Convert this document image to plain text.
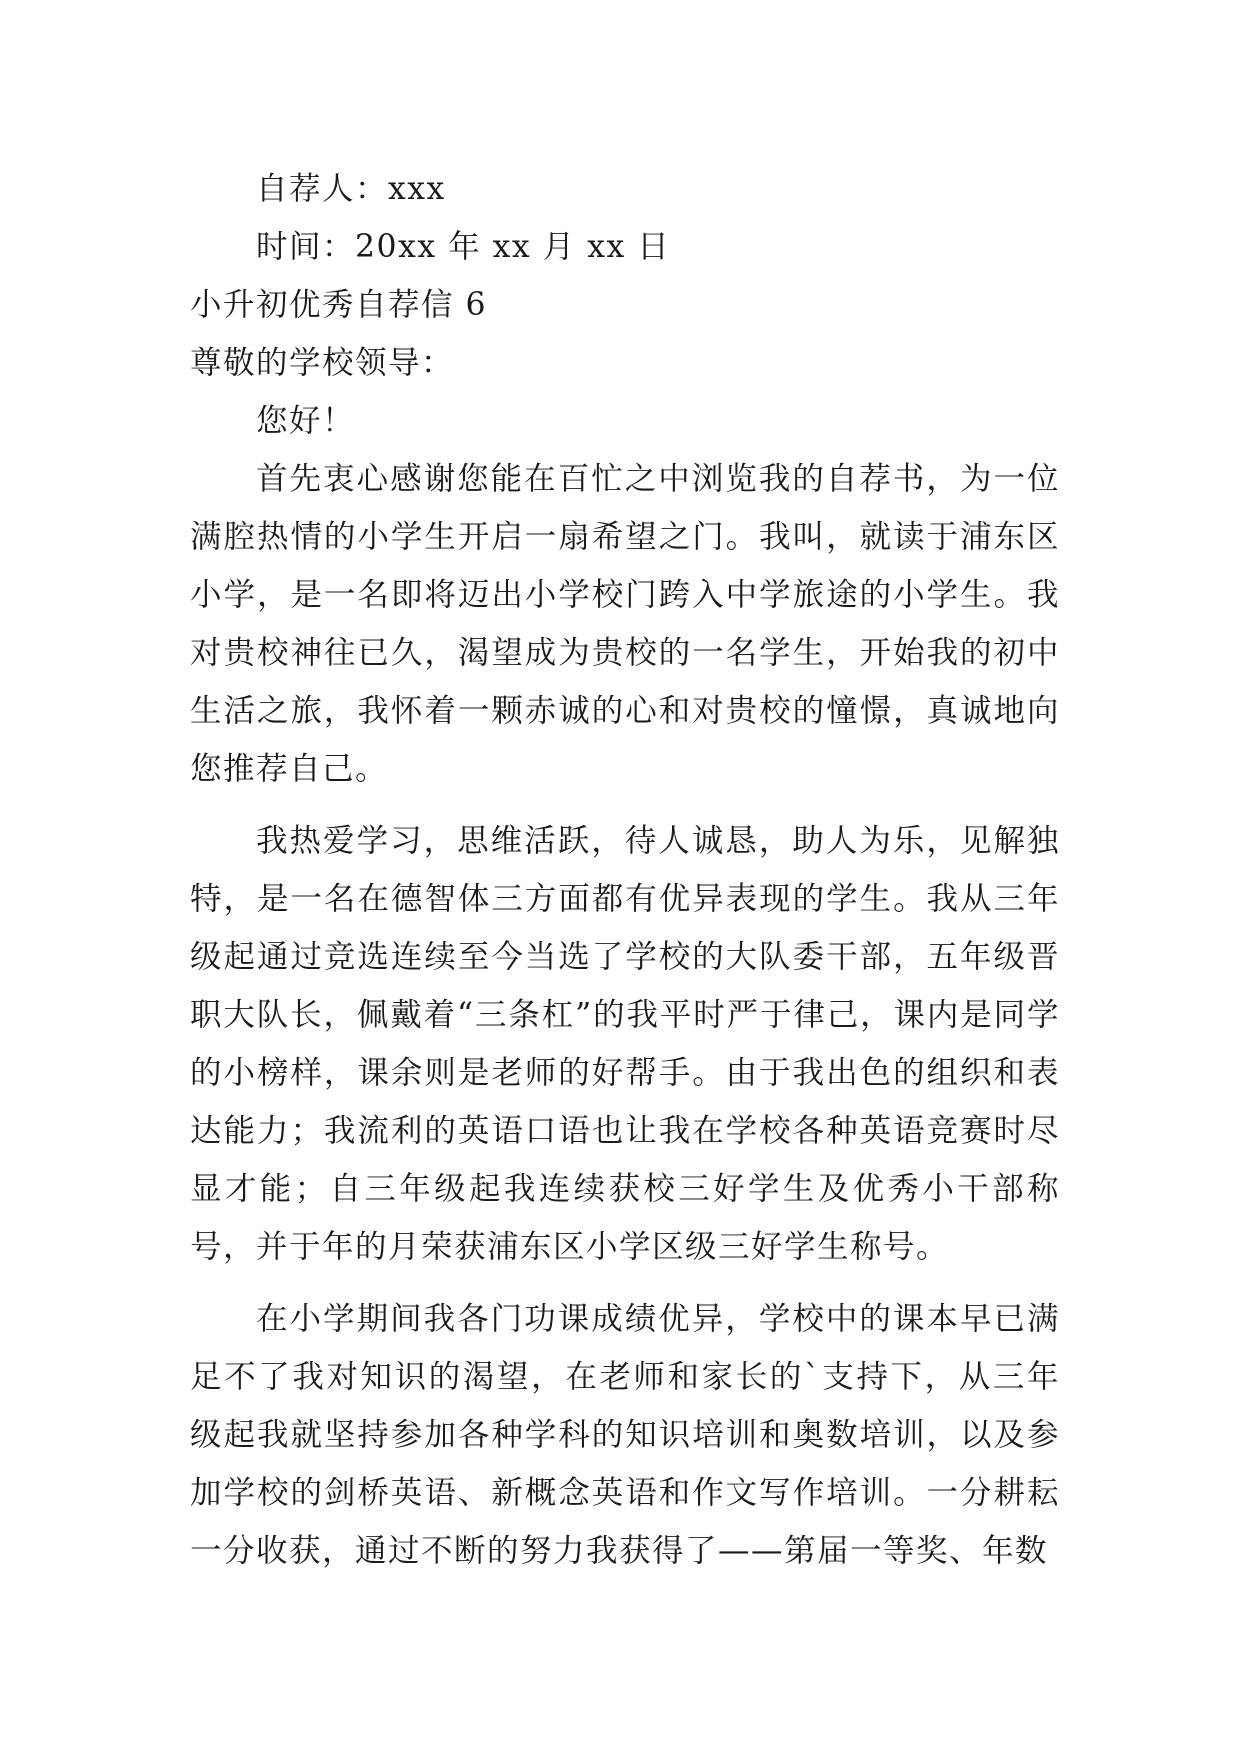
自荐人：xxx
时间：20xx 年 xx 月 xx 日
小升初优秀自荐信 6
尊敬的学校领导：
您好！
首先衷心感谢您能在百忙之中浏览我的自荐书，为一位满腔热情的小学生开启一扇希望之门。我叫，就读于浦东区小学，是一名即将迈出小学校门跨入中学旅途的小学生。我对贵校神往已久，渴望成为贵校的一名学生，开始我的初中生活之旅，我怀着一颗赤诚的心和对贵校的憧憬，真诚地向您推荐自己。
我热爱学习，思维活跃，待人诚恳，助人为乐，见解独特，是一名在德智体三方面都有优异表现的学生。我从三年级起通过竞选连续至今当选了学校的大队委干部，五年级晋职大队长，佩戴着“三条杠”的我平时严于律己，课内是同学的小榜样，课余则是老师的好帮手。由于我出色的组织和表达能力；我流利的英语口语也让我在学校各种英语竞赛时尽显才能；自三年级起我连续获校三好学生及优秀小干部称号，并于年的月荣获浦东区小学区级三好学生称号。
在小学期间我各门功课成绩优异，学校中的课本早已满足不了我对知识的渴望，在老师和家长的`支持下，从三年级起我就坚持参加各种学科的知识培训和奥数培训，以及参加学校的剑桥英语、新概念英语和作文写作培训。一分耕耘一分收获，通过不断的努力我获得了——第届一等奖、年数
